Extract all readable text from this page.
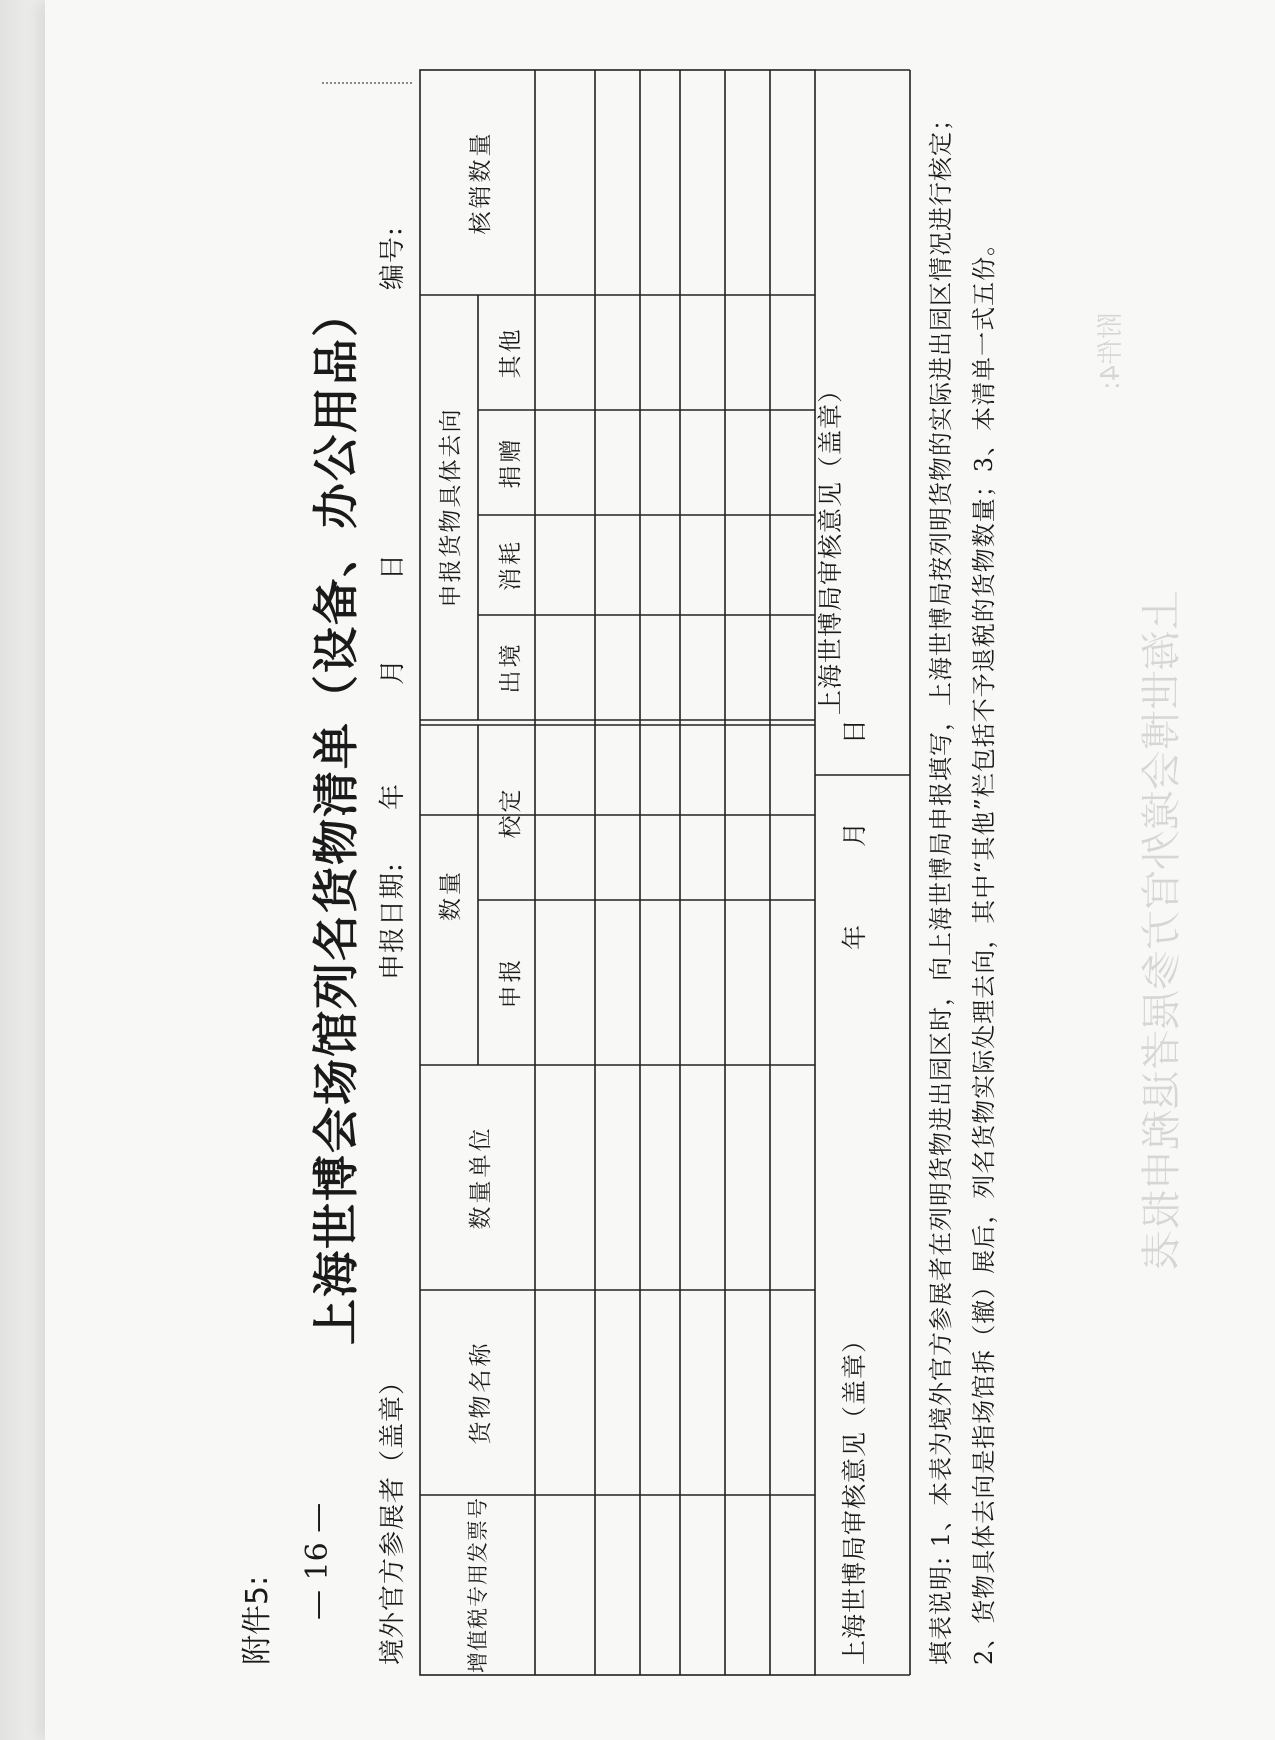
上海世博会境外官方参展者退税申报表
附件4:
附件5:
上海世博会场馆列名货物清单（设备、办公用品）
境外官方参展者（盖章）
申报日期:
年
月
日
编号:
增值税专用发票号
货物名称
数量单位
数量
申报
校定
申报货物具体去向
出境
消耗
捐赠
其他
核销数量
上海世博局审核意见（盖章）
年 月 日
上海世博局审核意见（盖章）	填表说明: 1、本表为境外官方参展者在列明货物进出园区时，向上海世博局申报填写，上海世博局按列明货物的实际进出园区情况进行核定；2、货物具体去向是指场馆拆（撤）展后，列名货物实际处理去向，其中“其他”栏包括不予退税的货物数量；3、本清单一式五份。
— 16 —
